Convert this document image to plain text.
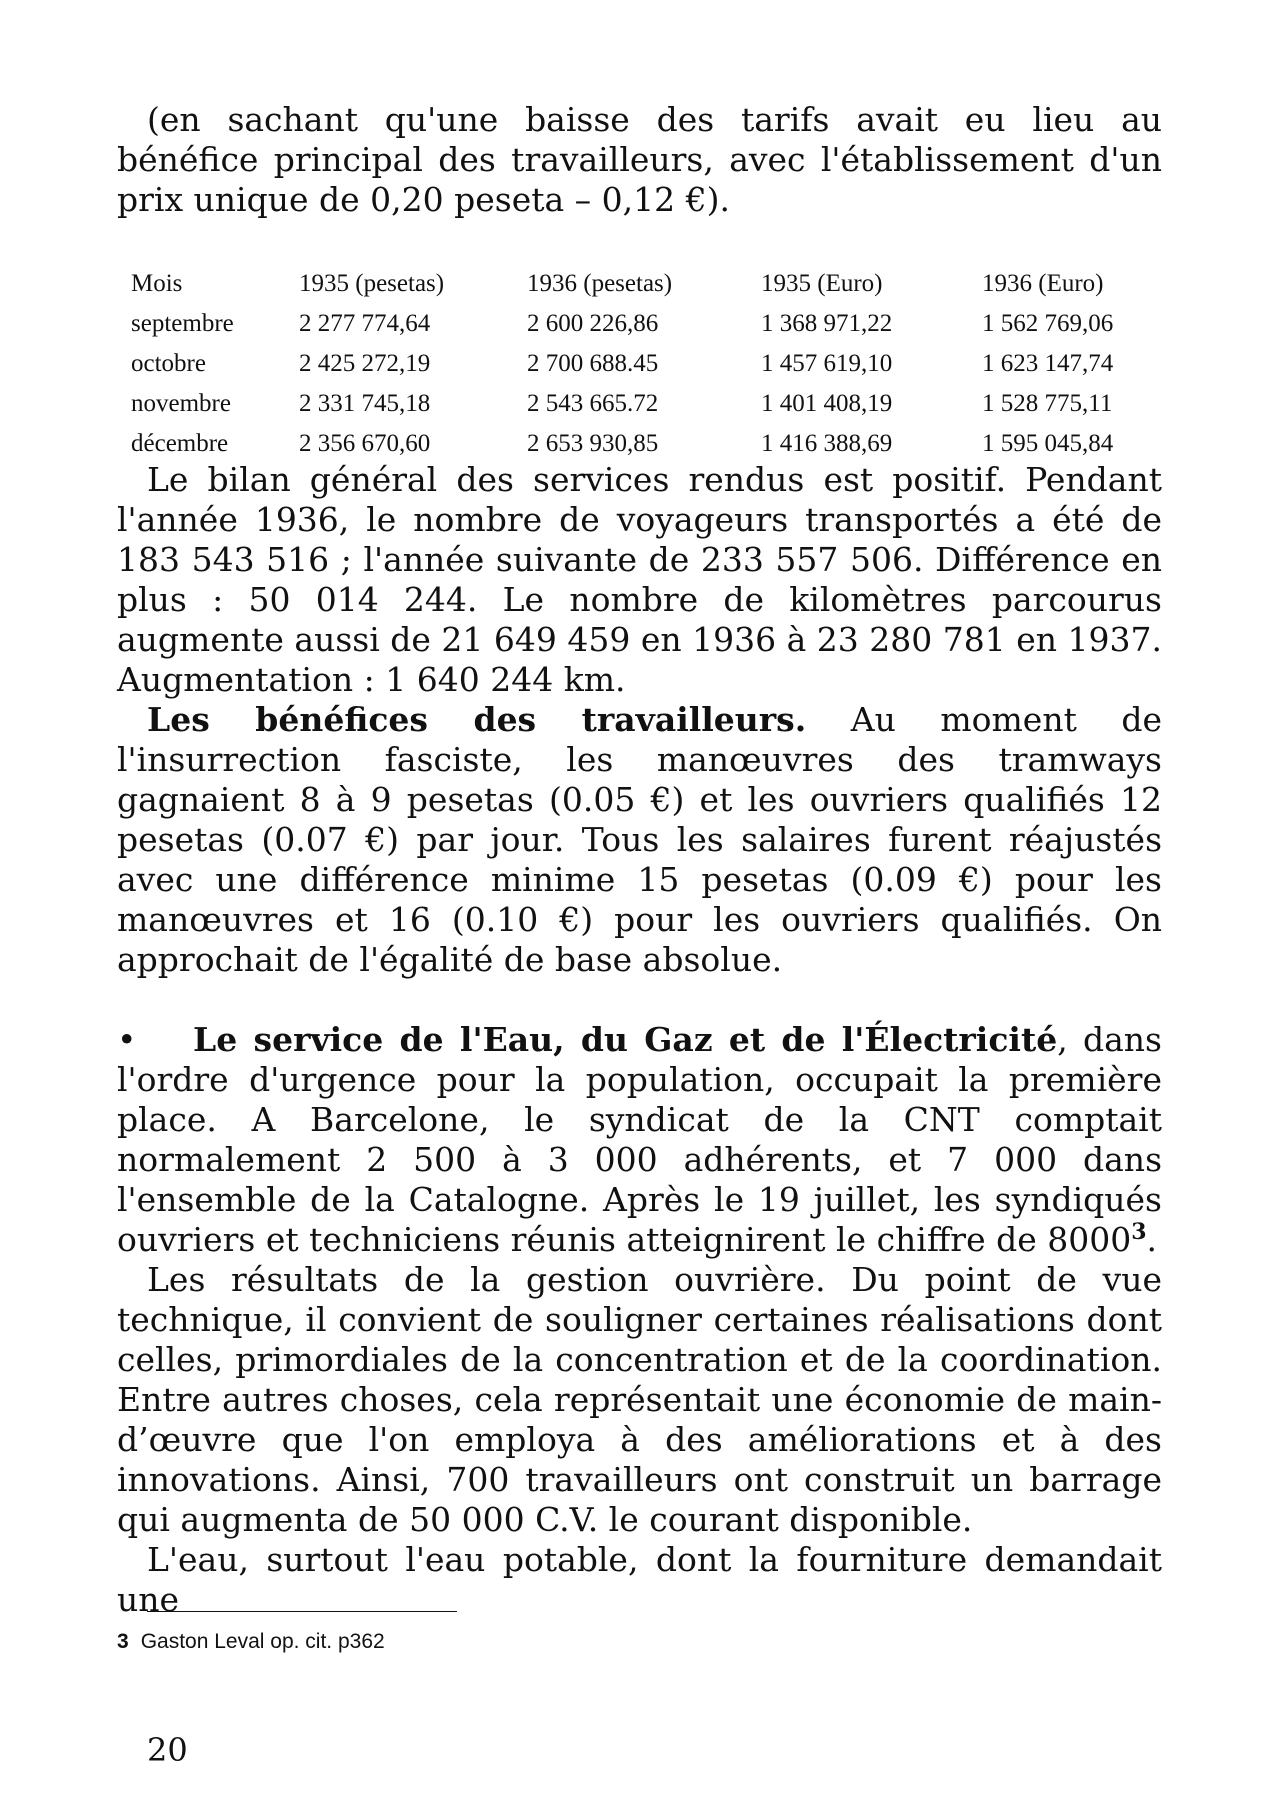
(en sachant qu'une baisse des tarifs avait eu lieu au bénéfice principal des travailleurs, avec l'établissement d'un prix unique de 0,20 peseta – 0,12 €).

Mois	1935 (pesetas)	1936 (pesetas)	1935 (Euro)	1936 (Euro)
septembre	2 277 774,64	2 600 226,86	1 368 971,22	1 562 769,06
octobre	2 425 272,19	2 700 688.45	1 457 619,10	1 623 147,74
novembre	2 331 745,18	2 543 665.72	1 401 408,19	1 528 775,11
décembre	2 356 670,60	2 653 930,85	1 416 388,69	1 595 045,84

Le bilan général des services rendus est positif. Pendant l'année 1936, le nombre de voyageurs transportés a été de 183 543 516 ; l'année suivante de 233 557 506. Différence en plus : 50 014 244. Le nombre de kilomètres parcourus augmente aussi de 21 649 459 en 1936 à 23 280 781 en 1937. Augmentation : 1 640 244 km.

Les bénéfices des travailleurs. Au moment de l'insurrection fasciste, les manœuvres des tramways gagnaient 8 à 9 pesetas (0.05 €) et les ouvriers qualifiés 12 pesetas (0.07 €) par jour. Tous les salaires furent réajustés avec une différence minime 15 pesetas (0.09 €) pour les manœuvres et 16 (0.10 €) pour les ouvriers qualifiés. On approchait de l'égalité de base absolue.

• Le service de l'Eau, du Gaz et de l'Électricité, dans l'ordre d'urgence pour la population, occupait la première place. A Barcelone, le syndicat de la CNT comptait normalement 2 500 à 3 000 adhérents, et 7 000 dans l'ensemble de la Catalogne. Après le 19 juillet, les syndiqués ouvriers et techniciens réunis atteignirent le chiffre de 8000$^3$.

Les résultats de la gestion ouvrière. Du point de vue technique, il convient de souligner certaines réalisations dont celles, primordiales de la concentration et de la coordination. Entre autres choses, cela représentait une économie de main-d’œuvre que l'on employa à des améliorations et à des innovations. Ainsi, 700 travailleurs ont construit un barrage qui augmenta de 50 000 C.V. le courant disponible.

L'eau, surtout l'eau potable, dont la fourniture demandait une

3 Gaston Leval op. cit. p362
20
